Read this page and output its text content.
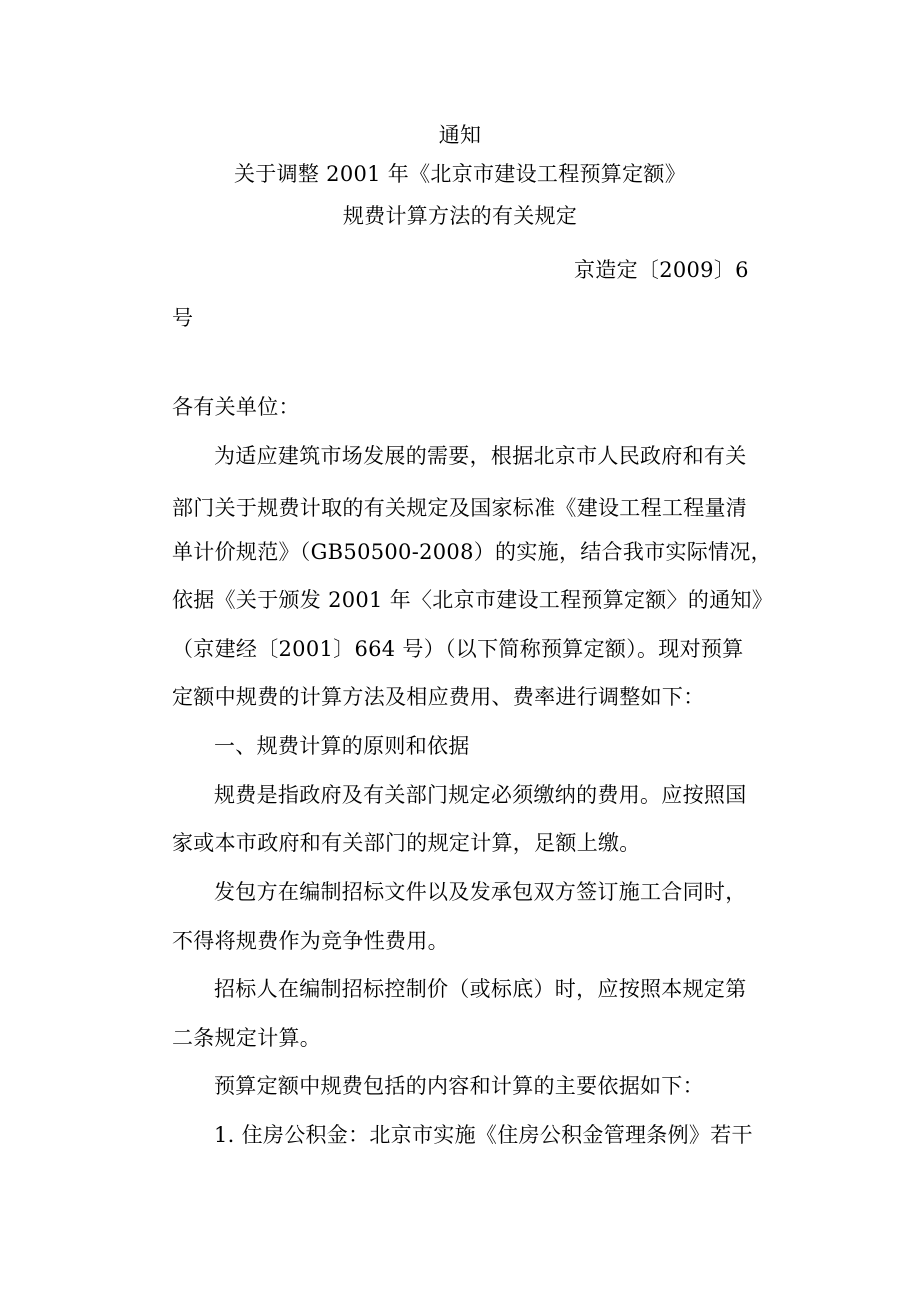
通知
关于调整 2001 年《北京市建设工程预算定额》
规费计算方法的有关规定
京造定〔2009〕6
号
各有关单位：
为适应建筑市场发展的需要，根据北京市人民政府和有关
部门关于规费计取的有关规定及国家标准《建设工程工程量清
单计价规范》（GB50500-2008）的实施，结合我市实际情况，
依据《关于颁发 2001 年〈北京市建设工程预算定额〉的通知》
（京建经〔2001〕664 号）（以下简称预算定额）。现对预算
定额中规费的计算方法及相应费用、费率进行调整如下：
一、规费计算的原则和依据
规费是指政府及有关部门规定必须缴纳的费用。应按照国
家或本市政府和有关部门的规定计算，足额上缴。
发包方在编制招标文件以及发承包双方签订施工合同时，
不得将规费作为竞争性费用。
招标人在编制招标控制价（或标底）时，应按照本规定第
二条规定计算。
预算定额中规费包括的内容和计算的主要依据如下：
1. 住房公积金：北京市实施《住房公积金管理条例》若干
